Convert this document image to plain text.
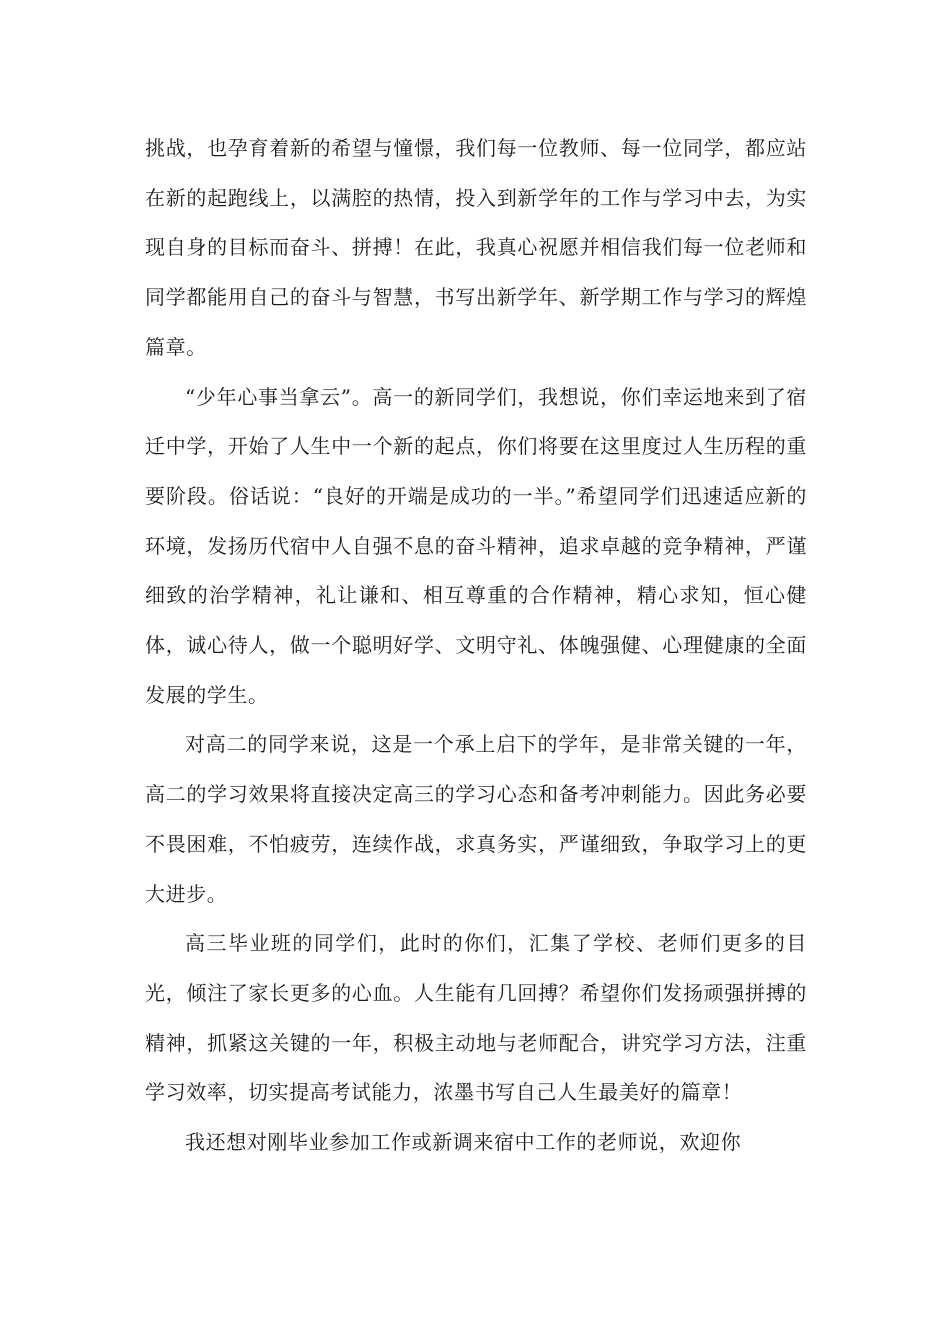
挑战，也孕育着新的希望与憧憬，我们每一位教师、每一位同学，都应站在新的起跑线上，以满腔的热情，投入到新学年的工作与学习中去，为实现自身的目标而奋斗、拼搏！在此，我真心祝愿并相信我们每一位老师和同学都能用自己的奋斗与智慧，书写出新学年、新学期工作与学习的辉煌篇章。

“少年心事当拿云”。高一的新同学们，我想说，你们幸运地来到了宿迁中学，开始了人生中一个新的起点，你们将要在这里度过人生历程的重要阶段。俗话说：“良好的开端是成功的一半。”希望同学们迅速适应新的环境，发扬历代宿中人自强不息的奋斗精神，追求卓越的竞争精神，严谨细致的治学精神，礼让谦和、相互尊重的合作精神，精心求知，恒心健体，诚心待人，做一个聪明好学、文明守礼、体魄强健、心理健康的全面发展的学生。

对高二的同学来说，这是一个承上启下的学年，是非常关键的一年，高二的学习效果将直接决定高三的学习心态和备考冲刺能力。因此务必要不畏困难，不怕疲劳，连续作战，求真务实，严谨细致，争取学习上的更大进步。

高三毕业班的同学们，此时的你们，汇集了学校、老师们更多的目光，倾注了家长更多的心血。人生能有几回搏？希望你们发扬顽强拼搏的精神，抓紧这关键的一年，积极主动地与老师配合，讲究学习方法，注重学习效率，切实提高考试能力，浓墨书写自己人生最美好的篇章！

我还想对刚毕业参加工作或新调来宿中工作的老师说，欢迎你
